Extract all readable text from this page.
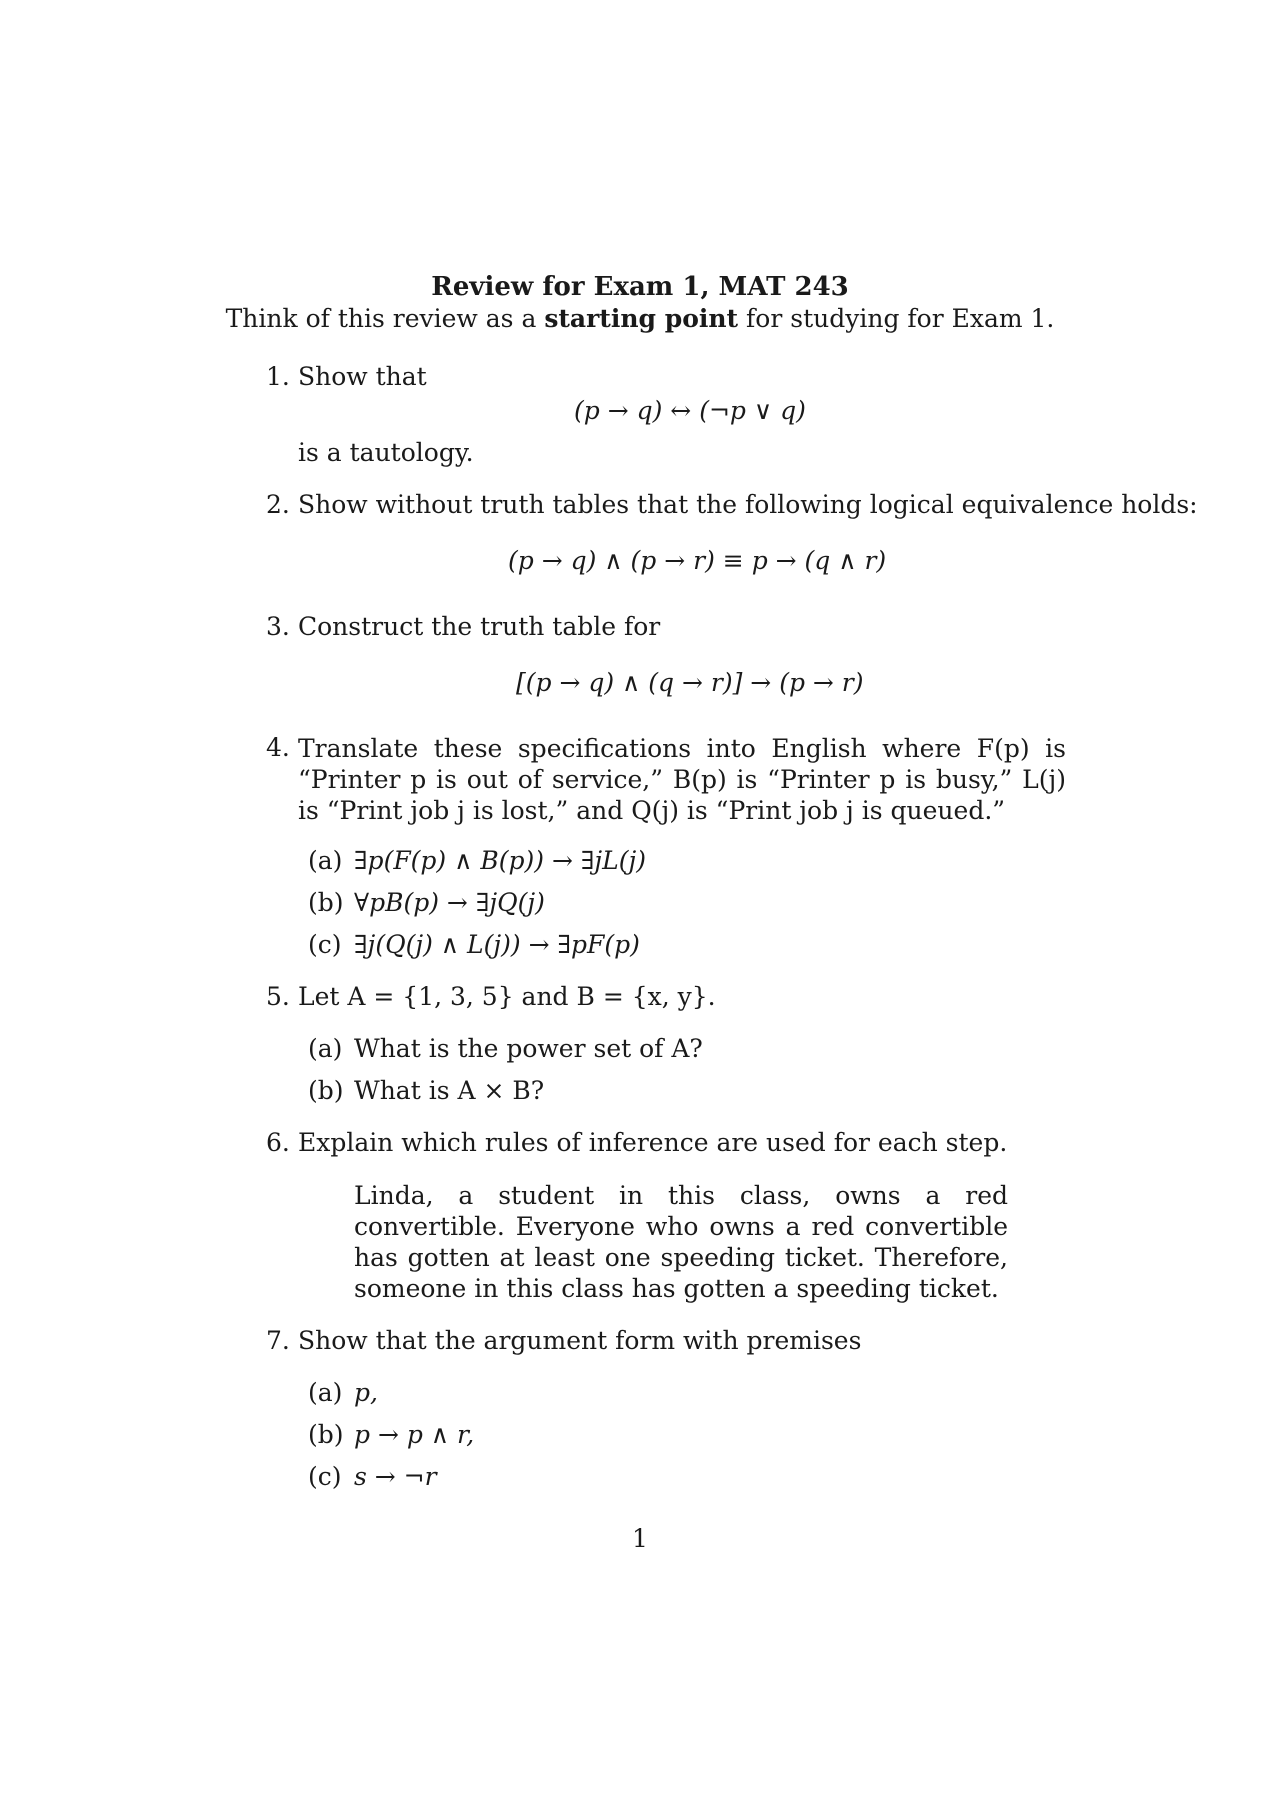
Review for Exam 1, MAT 243
Think of this review as a starting point for studying for Exam 1.
1. Show that
(p → q) ↔ (¬p ∨ q)
is a tautology.
2. Show without truth tables that the following logical equivalence holds:
(p → q) ∧ (p → r) ≡ p → (q ∧ r)
3. Construct the truth table for
[(p → q) ∧ (q → r)] → (p → r)
4. Translate these specifications into English where F(p) is “Printer p is out of service,” B(p) is “Printer p is busy,” L(j) is “Print job j is lost,” and Q(j) is “Print job j is queued.”
(a) ∃p(F(p) ∧ B(p)) → ∃jL(j)
(b) ∀pB(p) → ∃jQ(j)
(c) ∃j(Q(j) ∧ L(j)) → ∃pF(p)
5. Let A = {1, 3, 5} and B = {x, y}.
(a) What is the power set of A?
(b) What is A × B?
6. Explain which rules of inference are used for each step.
Linda, a student in this class, owns a red convertible. Everyone who owns a red convertible has gotten at least one speeding ticket. Therefore, someone in this class has gotten a speeding ticket.
7. Show that the argument form with premises
(a) p,
(b) p → p ∧ r,
(c) s → ¬r
1
